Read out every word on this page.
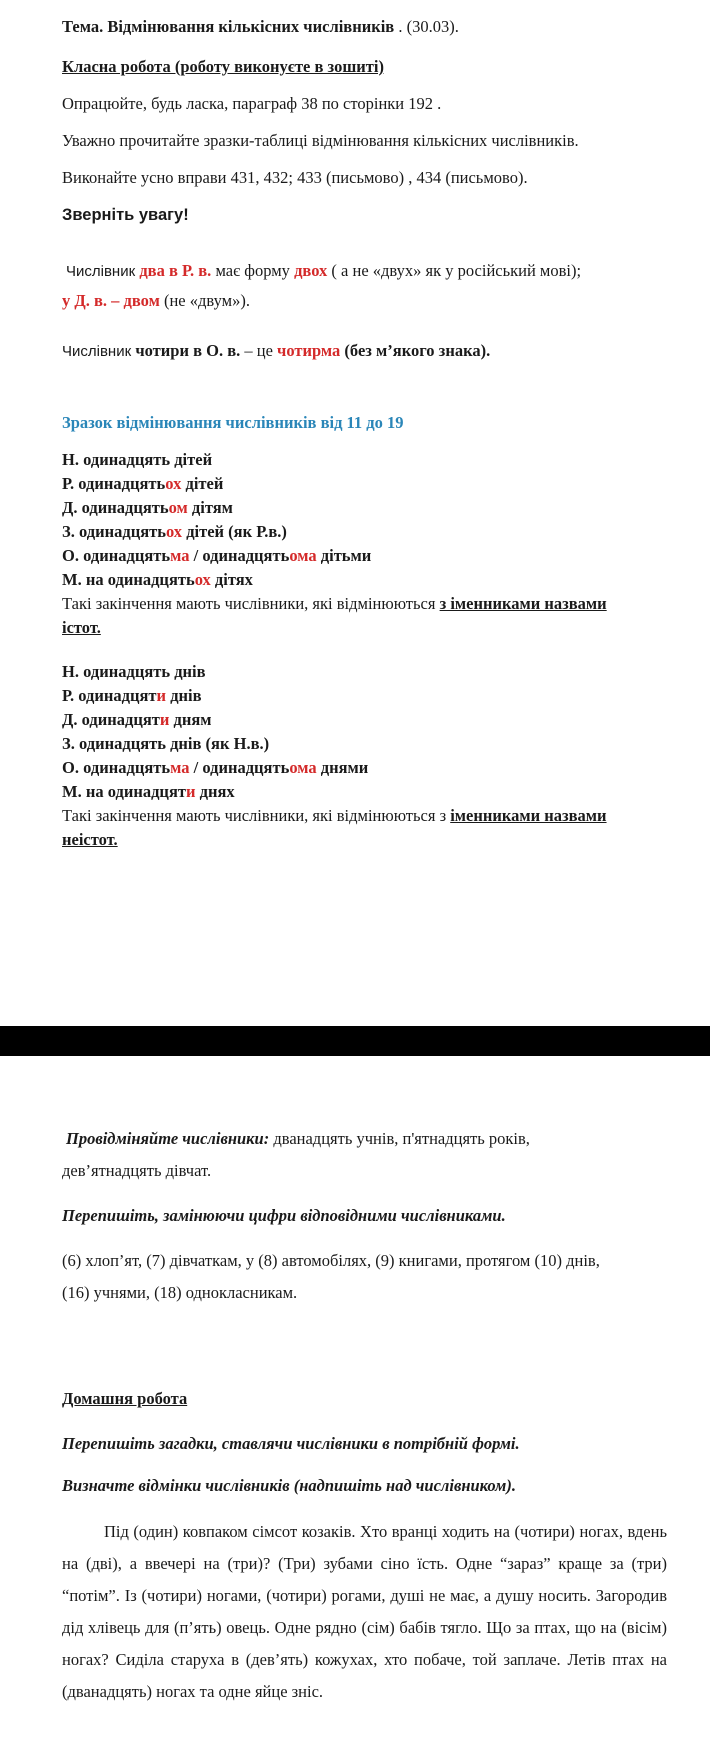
Тема. Відмінювання кількісних числівників . (30.03).
Класна робота (роботу виконуєте в зошиті)
Опрацюйте, будь ласка, параграф 38 по сторінки 192 .
Уважно прочитайте зразки-таблиці відмінювання кількісних числівників.
Виконайте усно вправи 431, 432; 433 (письмово) , 434 (письмово).
Зверніть увагу!
Числівник два в Р. в. має форму двох ( а не «двух» як у російський мові);
у Д. в. – двом (не «двум»).
Числівник чотири в О. в. – це чотирма (без м’якого знака).
Зразок відмінювання числівників від 11 до 19
Н. одинадцять дітей
Р. одинадцятьох дітей
Д. одинадцятьом дітям
З. одинадцятьох дітей (як Р.в.)
О. одинадцятьма / одинадцятьома дітьми
М. на одинадцятьох дітях
Такі закінчення мають числівники, які відмінюються з іменниками назвами
істот.
Н. одинадцять днів
Р. одинадцяти днів
Д. одинадцяти дням
З. одинадцять днів (як Н.в.)
О. одинадцятьма / одинадцятьома днями
М. на одинадцяти днях
Такі закінчення мають числівники, які відмінюються з іменниками назвами
неістот.
Провідміняйте числівники: дванадцять учнів, п'ятнадцять років,
дев’ятнадцять дівчат.
Перепишіть, замінюючи цифри відповідними числівниками.
(6) хлоп’ят, (7) дівчаткам, у (8) автомобілях, (9) книгами, протягом (10) днів,
(16) учнями, (18) однокласникам.
Домашня робота
Перепишіть загадки, ставлячи числівники в потрібній формі.
Визначте відмінки числівників (надпишіть над числівником).
Під (один) ковпаком сімсот козаків. Хто вранці ходить на (чотири) ногах, вдень на (дві), а ввечері на (три)? (Три) зубами сіно їсть. Одне “зараз” краще за (три) “потім”. Із (чотири) ногами, (чотири) рогами, душі не має, а душу носить. Загородив дід хлівець для (п’ять) овець. Одне рядно (сім) бабів тягло. Що за птах, що на (вісім) ногах? Сиділа старуха в (дев’ять) кожухах, хто побаче, той заплаче. Летів птах на (дванадцять) ногах та одне яйце зніс.
